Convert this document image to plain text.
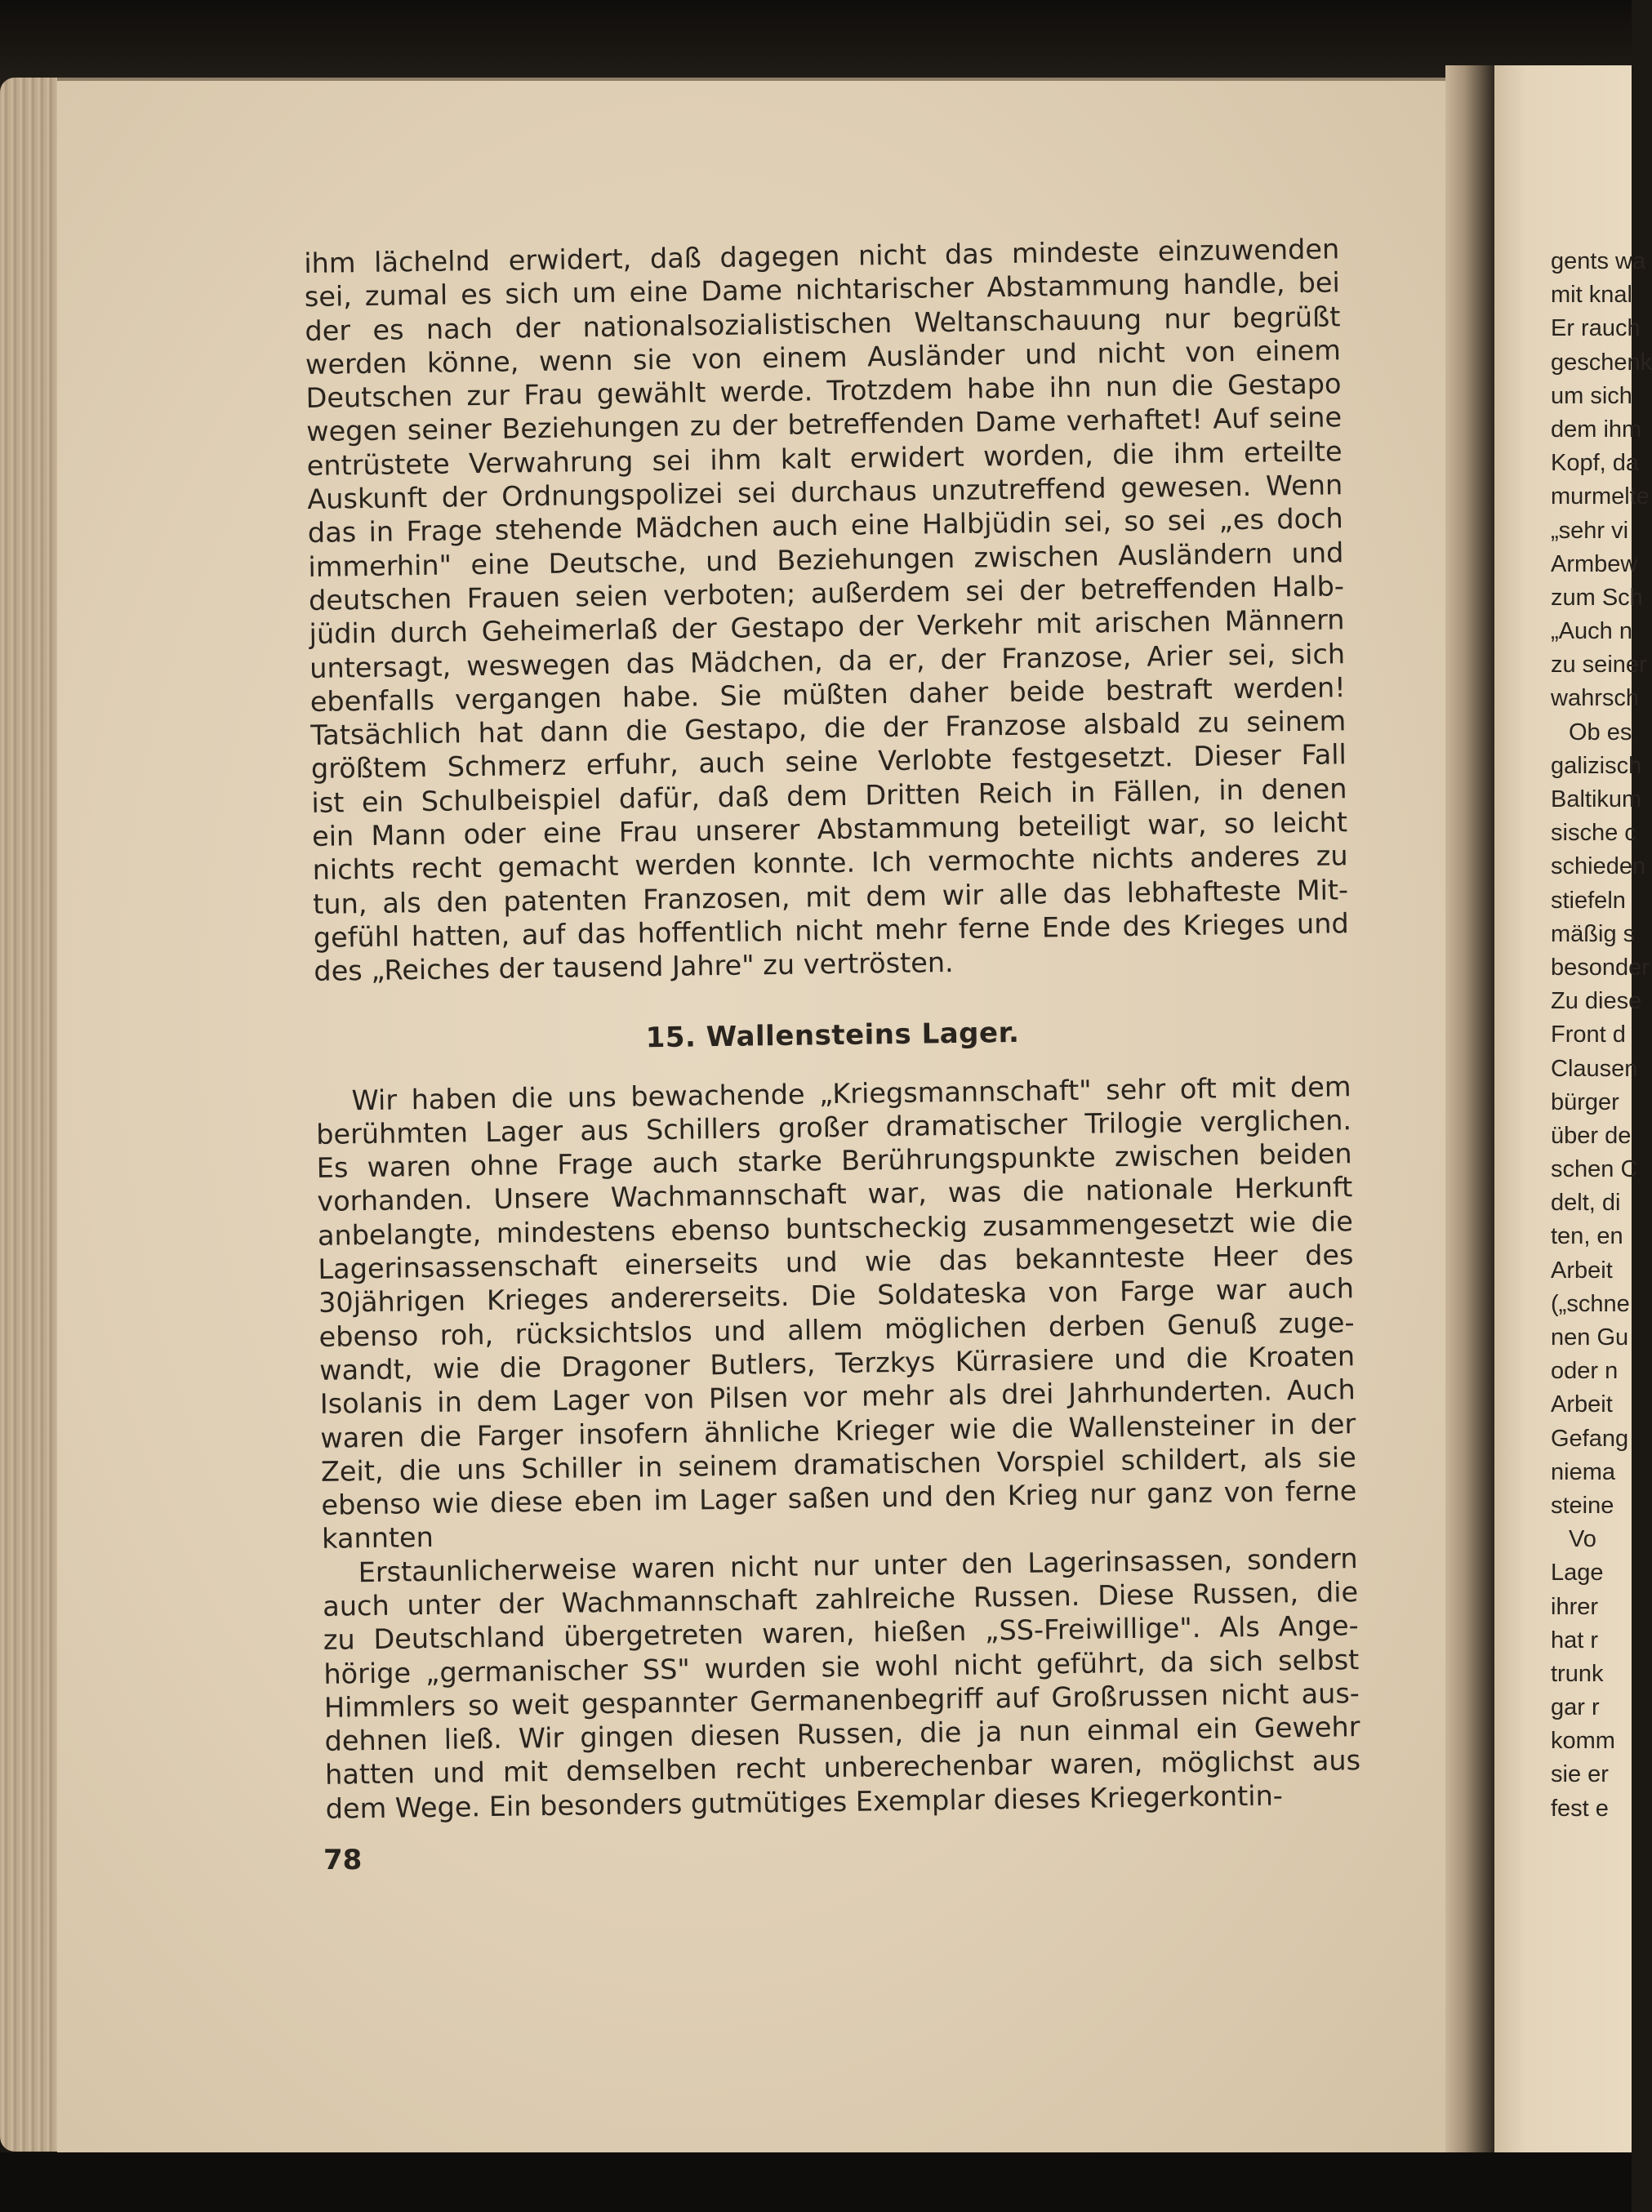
ihm lächelnd erwidert, daß dagegen nicht das mindeste einzuwenden
sei, zumal es sich um eine Dame nichtarischer Abstammung handle, bei
der es nach der nationalsozialistischen Weltanschauung nur begrüßt
werden könne, wenn sie von einem Ausländer und nicht von einem
Deutschen zur Frau gewählt werde. Trotzdem habe ihn nun die Gestapo
wegen seiner Beziehungen zu der betreffenden Dame verhaftet! Auf seine
entrüstete Verwahrung sei ihm kalt erwidert worden, die ihm erteilte
Auskunft der Ordnungspolizei sei durchaus unzutreffend gewesen. Wenn
das in Frage stehende Mädchen auch eine Halbjüdin sei, so sei „es doch
immerhin" eine Deutsche, und Beziehungen zwischen Ausländern und
deutschen Frauen seien verboten; außerdem sei der betreffenden Halb-
jüdin durch Geheimerlaß der Gestapo der Verkehr mit arischen Männern
untersagt, weswegen das Mädchen, da er, der Franzose, Arier sei, sich
ebenfalls vergangen habe. Sie müßten daher beide bestraft werden!
Tatsächlich hat dann die Gestapo, die der Franzose alsbald zu seinem
größtem Schmerz erfuhr, auch seine Verlobte festgesetzt. Dieser Fall
ist ein Schulbeispiel dafür, daß dem Dritten Reich in Fällen, in denen
ein Mann oder eine Frau unserer Abstammung beteiligt war, so leicht
nichts recht gemacht werden konnte. Ich vermochte nichts anderes zu
tun, als den patenten Franzosen, mit dem wir alle das lebhafteste Mit-
gefühl hatten, auf das hoffentlich nicht mehr ferne Ende des Krieges und
des „Reiches der tausend Jahre" zu vertrösten.
15. Wallensteins Lager.
Wir haben die uns bewachende „Kriegsmannschaft" sehr oft mit dem
berühmten Lager aus Schillers großer dramatischer Trilogie verglichen.
Es waren ohne Frage auch starke Berührungspunkte zwischen beiden
vorhanden. Unsere Wachmannschaft war, was die nationale Herkunft
anbelangte, mindestens ebenso buntscheckig zusammengesetzt wie die
Lagerinsassenschaft einerseits und wie das bekannteste Heer des
30jährigen Krieges andererseits. Die Soldateska von Farge war auch
ebenso roh, rücksichtslos und allem möglichen derben Genuß zuge-
wandt, wie die Dragoner Butlers, Terzkys Kürrasiere und die Kroaten
Isolanis in dem Lager von Pilsen vor mehr als drei Jahrhunderten. Auch
waren die Farger insofern ähnliche Krieger wie die Wallensteiner in der
Zeit, die uns Schiller in seinem dramatischen Vorspiel schildert, als sie
ebenso wie diese eben im Lager saßen und den Krieg nur ganz von ferne
kannten
Erstaunlicherweise waren nicht nur unter den Lagerinsassen, sondern
auch unter der Wachmannschaft zahlreiche Russen. Diese Russen, die
zu Deutschland übergetreten waren, hießen „SS-Freiwillige". Als Ange-
hörige „germanischer SS" wurden sie wohl nicht geführt, da sich selbst
Himmlers so weit gespannter Germanenbegriff auf Großrussen nicht aus-
dehnen ließ. Wir gingen diesen Russen, die ja nun einmal ein Gewehr
hatten und mit demselben recht unberechenbar waren, möglichst aus
dem Wege. Ein besonders gutmütiges Exemplar dieses Kriegerkontin-
78
gents wa
mit knal
Er rauch
geschenk
um sich
dem ihm
Kopf, da
murmelte
„sehr vi
Armbew
zum Sch
„Auch n
zu seiner
wahrsch
Ob es
galizisch
Baltikum
sische c
schieden
stiefeln
mäßig s
besonder
Zu diese
Front d
Clausen
bürger
über de
schen C
delt, di
ten, en
Arbeit
(„schne
nen Gu
oder n
Arbeit
Gefang
niema
steine
Vo
Lage
ihrer
hat r
trunk
gar r
komm
sie er
fest e
